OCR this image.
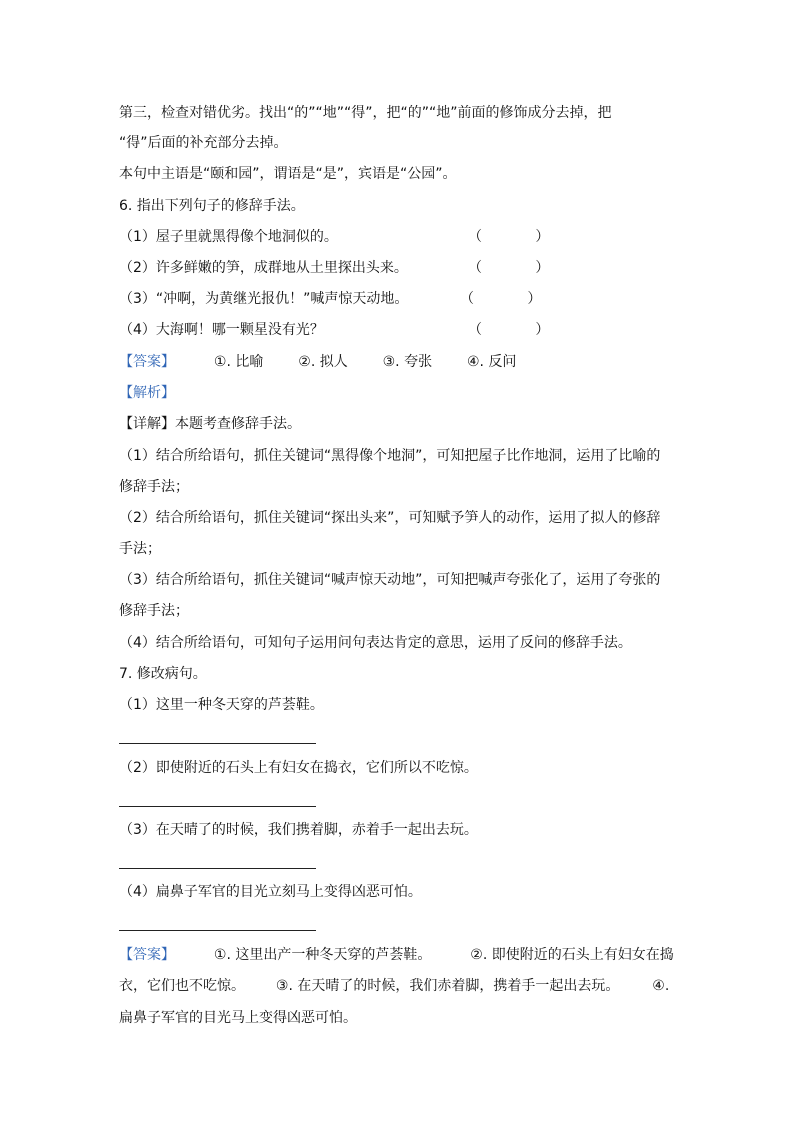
第三，检查对错优劣。找出“的”“地”“得”，把“的”“地”前面的修饰成分去掉，把
“得”后面的补充部分去掉。
本句中主语是“颐和园”，谓语是“是”，宾语是“公园”。
6. 指出下列句子的修辞手法。
（1）屋子里就黑得像个地洞似的。	（            ）
（2）许多鲜嫩的笋，成群地从土里探出头来。	（            ）
（3）“冲啊，为黄继光报仇！”喊声惊天动地。	（            ）
（4）大海啊！哪一颗星没有光？	（            ）
【答案】	①. 比喻 ②. 拟人 ③. 夸张 ④. 反问
【解析】
【详解】本题考查修辞手法。
（1）结合所给语句，抓住关键词“黑得像个地洞”，可知把屋子比作地洞，运用了比喻的
修辞手法；
（2）结合所给语句，抓住关键词“探出头来”，可知赋予笋人的动作，运用了拟人的修辞
手法；
（3）结合所给语句，抓住关键词“喊声惊天动地”，可知把喊声夸张化了，运用了夸张的
修辞手法；
（4）结合所给语句，可知句子运用问句表达肯定的意思，运用了反问的修辞手法。
7. 修改病句。
（1）这里一种冬天穿的芦荟鞋。
（2）即使附近的石头上有妇女在捣衣，它们所以不吃惊。
（3）在天晴了的时候，我们携着脚，赤着手一起出去玩。
（4）扁鼻子军官的目光立刻马上变得凶恶可怕。
【答案】	①. 这里出产一种冬天穿的芦荟鞋。	②. 即使附近的石头上有妇女在捣
衣，它们也不吃惊。 ③. 在天晴了的时候，我们赤着脚，携着手一起出去玩。 ④.
扁鼻子军官的目光马上变得凶恶可怕。
